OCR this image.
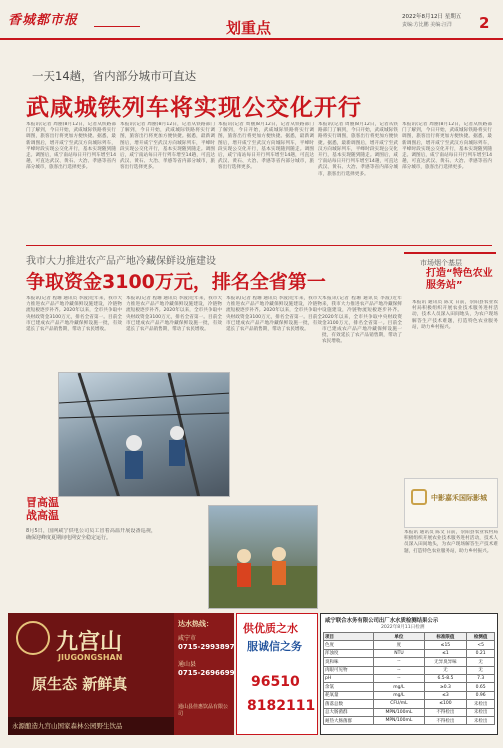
香城都市报	划重点
2022年8月12日 星期五
责编:方比鹏 美编:汪洋 2
一天14趟，省内部分城市可直达
武咸城铁列车将实现公交化开行
本报讯(记者 周丽)8月12日，记者从铁路部门了解到，今日开始，武咸城际铁路将实行调图，旅客出行将更加方便快捷。据悉，最新调图后，增开咸宁至武汉方向城际列车，平峰时段实现公交化开行，基本实现随到随走。调图后，咸宁南站每日开行列车增至14趟，可直达武汉、黄石、大冶、孝感等省内部分城市，旅客出行选择更多。
本报讯(记者 周丽)8月12日，记者从铁路部门了解到，今日开始，武咸城际铁路将实行调图，旅客出行将更加方便快捷。据悉，最新调图后，增开咸宁至武汉方向城际列车，平峰时段实现公交化开行，基本实现随到随走。调图后，咸宁南站每日开行列车增至14趟，可直达武汉、黄石、大冶、孝感等省内部分城市，旅客出行选择更多。
本报讯(记者 周丽)8月12日，记者从铁路部门了解到，今日开始，武咸城际铁路将实行调图，旅客出行将更加方便快捷。据悉，最新调图后，增开咸宁至武汉方向城际列车，平峰时段实现公交化开行，基本实现随到随走。调图后，咸宁南站每日开行列车增至14趟，可直达武汉、黄石、大冶、孝感等省内部分城市，旅客出行选择更多。
本报讯(记者 周丽)8月12日，记者从铁路部门了解到，今日开始，武咸城际铁路将实行调图，旅客出行将更加方便快捷。据悉，最新调图后，增开咸宁至武汉方向城际列车，平峰时段实现公交化开行，基本实现随到随走。调图后，咸宁南站每日开行列车增至14趟，可直达武汉、黄石、大冶、孝感等省内部分城市，旅客出行选择更多。
本报讯(记者 周丽)8月12日，记者从铁路部门了解到，今日开始，武咸城际铁路将实行调图，旅客出行将更加方便快捷。据悉，最新调图后，增开咸宁至武汉方向城际列车，平峰时段实现公交化开行，基本实现随到随走。调图后，咸宁南站每日开行列车增至14趟，可直达武汉、黄石、大冶、孝感等省内部分城市，旅客出行选择更多。
我市大力推进农产品产地冷藏保鲜设施建设
争取资金3100万元，排名全省第一
本报讯(记者 程珊 通讯员 李波)近年来，我市大力推进农产品产地冷藏保鲜设施建设，冷链物流短板逐步补齐。2020年以来，全市共争取中央财政资金3100万元，排名全省第一。目前全市已建成农产品产地冷藏保鲜设施一批，有效延长了农产品销售期，带动了农民增收。
本报讯(记者 程珊 通讯员 李波)近年来，我市大力推进农产品产地冷藏保鲜设施建设，冷链物流短板逐步补齐。2020年以来，全市共争取中央财政资金3100万元，排名全省第一。目前全市已建成农产品产地冷藏保鲜设施一批，有效延长了农产品销售期，带动了农民增收。
本报讯(记者 程珊 通讯员 李波)近年来，我市大力推进农产品产地冷藏保鲜设施建设，冷链物流短板逐步补齐。2020年以来，全市共争取中央财政资金3100万元，排名全省第一。目前全市已建成农产品产地冷藏保鲜设施一批，有效延长了农产品销售期，带动了农民增收。
本报讯(记者 程珊 通讯员 李波)近年来，我市大力推进农产品产地冷藏保鲜设施建设，冷链物流短板逐步补齐。2020年以来，全市共争取中央财政资金3100万元，排名全省第一。目前全市已建成农产品产地冷藏保鲜设施一批，有效延长了农产品销售期，带动了农民增收。
冒高温 战高温
8月5日，国网咸宁供电公司员工冒着高温开展设备巡视，确保迎峰度夏期间电网安全稳定运行。
市场烟个基层
打造“特色农业服务站”
本报讯 通讯员 陈文 日前，崇阳县农业农村局积极组织开展农业技术服务进村活动，技术人员深入田间地头，为农户现场解答生产技术难题，打造特色农业服务站，助力乡村振兴。
中影嘉禾国际影城
本报讯 通讯员 陈文 日前，崇阳县农业农村局积极组织开展农业技术服务进村活动，技术人员深入田间地头，为农户现场解答生产技术难题，打造特色农业服务站，助力乡村振兴。
九宫山
JIUGONGSHAN
原生态 新鲜真
永源酿造九宫山国家森林公园野生饮品
达水热线：
咸宁市
0715-2993897
通山县
0715-2696699
通山县佳惠饮品有限公司
供优质之水
服诚信之务
96510
8182111
咸宁联合水务有限公司出厂水水质检测结果公示
2022年8月11日检测
项目	单位	标准限值	检测值
色度	度	≤15	<5
浑浊度	NTU	≤1	0.21
臭和味	--	无异臭异味	无
肉眼可见物	--	无	无
pH	--	6.5-8.5	7.3
余氯	mg/L	≥0.3	0.65
耗氧量	mg/L	≤3	0.96
菌落总数	CFU/mL	≤100	未检出
总大肠菌群	MPN/100mL	不得检出	未检出
耐热大肠菌群	MPN/100mL	不得检出	未检出
